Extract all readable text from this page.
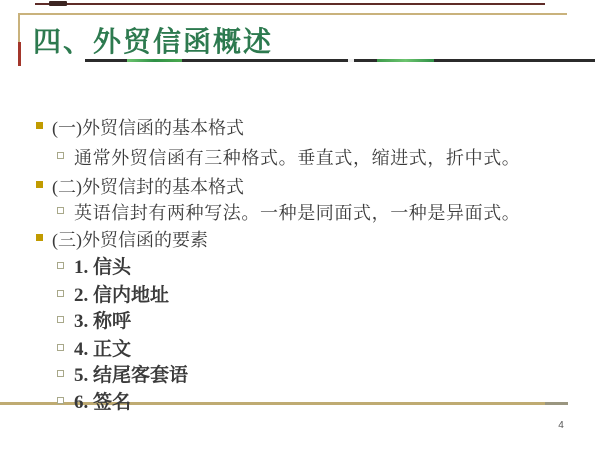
四、外贸信函概述
(一)外贸信函的基本格式
通常外贸信函有三种格式。垂直式，缩进式，折中式。
(二)外贸信封的基本格式
英语信封有两种写法。一种是同面式，一种是异面式。
(三)外贸信函的要素
1. 信头
2. 信内地址
3. 称呼
4. 正文
5. 结尾客套语
6. 签名
4
